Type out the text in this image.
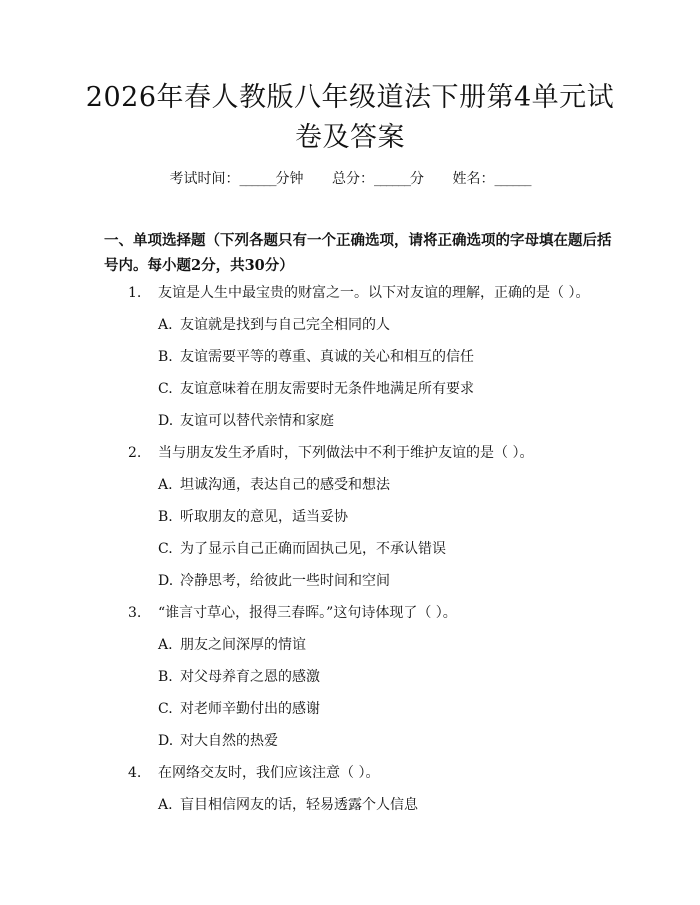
2026年春人教版八年级道法下册第4单元试
卷及答案
考试时间：______分钟 总分：______分 姓名：______
一、单项选择题（下列各题只有一个正确选项，请将正确选项的字母填在题后括
号内。每小题2分，共30分）
1. 友谊是人生中最宝贵的财富之一。以下对友谊的理解，正确的是（ ）。
A. 友谊就是找到与自己完全相同的人
B. 友谊需要平等的尊重、真诚的关心和相互的信任
C. 友谊意味着在朋友需要时无条件地满足所有要求
D. 友谊可以替代亲情和家庭
2. 当与朋友发生矛盾时，下列做法中不利于维护友谊的是（ ）。
A. 坦诚沟通，表达自己的感受和想法
B. 听取朋友的意见，适当妥协
C. 为了显示自己正确而固执己见，不承认错误
D. 冷静思考，给彼此一些时间和空间
3. “谁言寸草心，报得三春晖。”这句诗体现了（ ）。
A. 朋友之间深厚的情谊
B. 对父母养育之恩的感激
C. 对老师辛勤付出的感谢
D. 对大自然的热爱
4. 在网络交友时，我们应该注意（ ）。
A. 盲目相信网友的话，轻易透露个人信息
